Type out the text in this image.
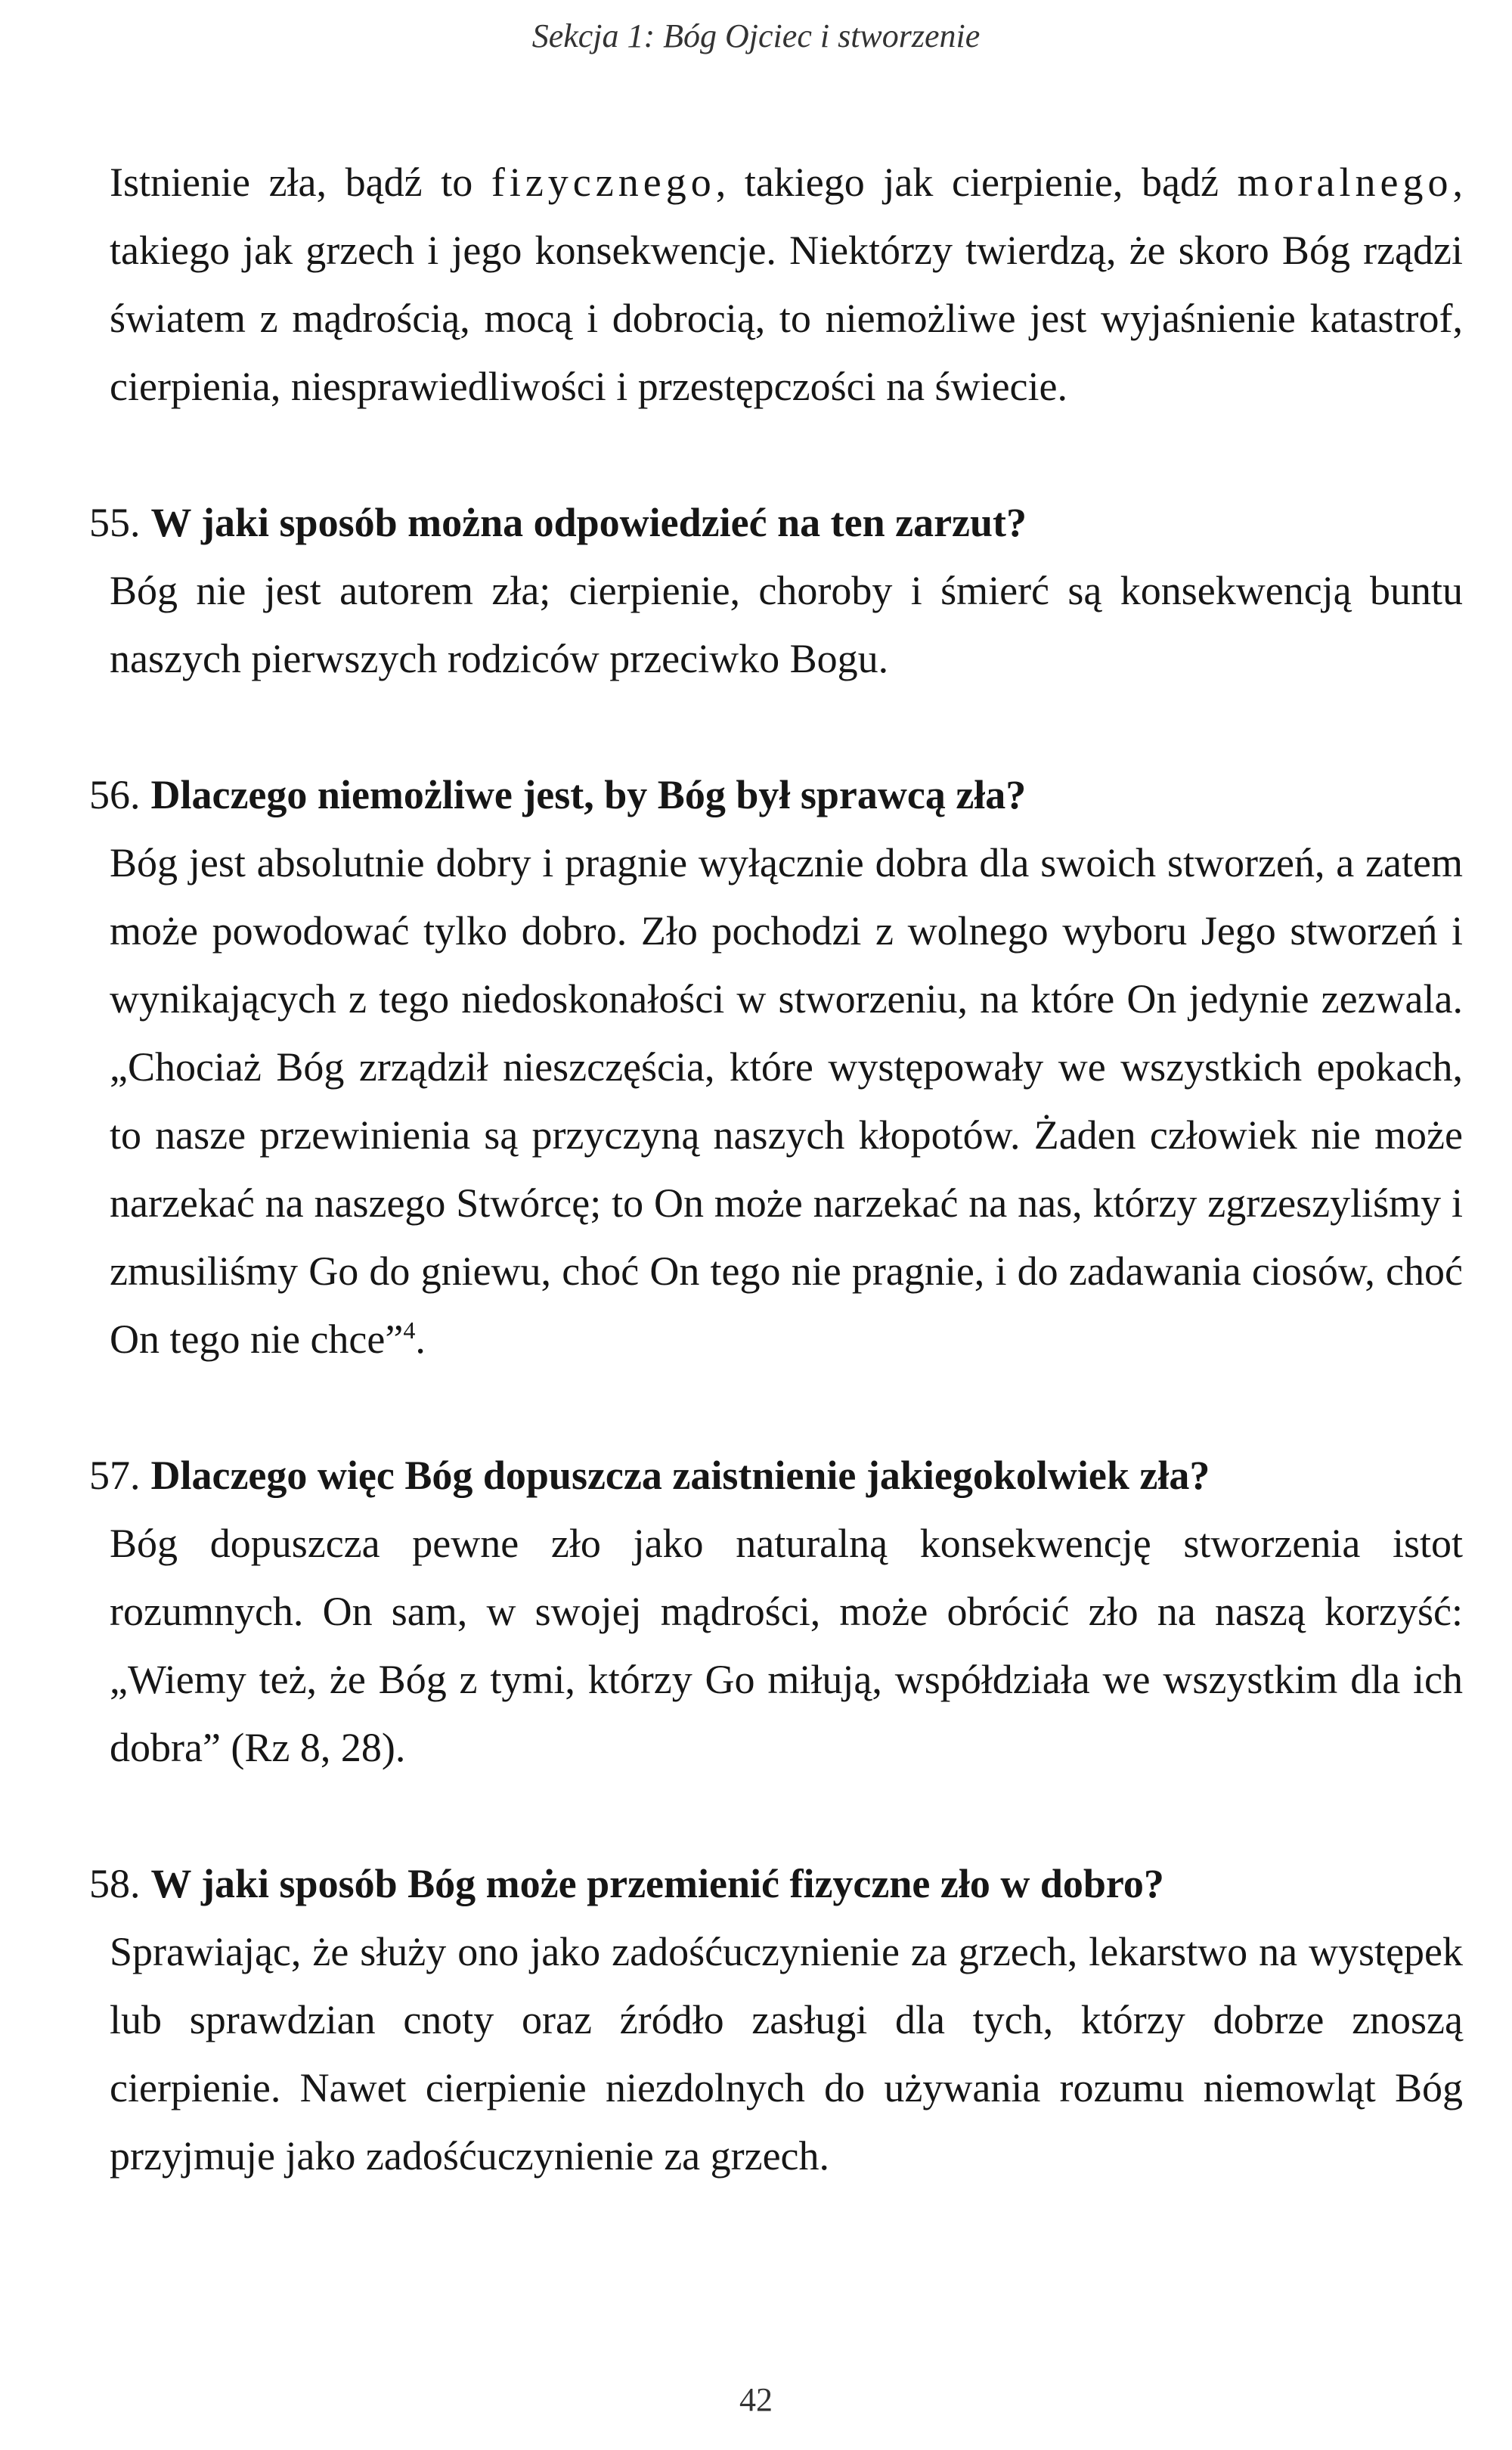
Sekcja 1: Bóg Ojciec i stworzenie

Istnienie zła, bądź to fizycznego, takiego jak cierpienie, bądź moralnego, takiego jak grzech i jego konsekwencje. Niektórzy twierdzą, że skoro Bóg rządzi światem z mądrością, mocą i dobrocią, to niemożliwe jest wyjaśnienie katastrof, cierpienia, niesprawiedliwości i przestępczości na świecie.

55. W jaki sposób można odpowiedzieć na ten zarzut?

Bóg nie jest autorem zła; cierpienie, choroby i śmierć są konsekwencją buntu naszych pierwszych rodziców przeciwko Bogu.

56. Dlaczego niemożliwe jest, by Bóg był sprawcą zła?

Bóg jest absolutnie dobry i pragnie wyłącznie dobra dla swoich stworzeń, a zatem może powodować tylko dobro. Zło pochodzi z wolnego wyboru Jego stworzeń i wynikających z tego niedoskonałości w stworzeniu, na które On jedynie zezwala. „Chociaż Bóg zrządził nieszczęścia, które występowały we wszystkich epokach, to nasze przewinienia są przyczyną naszych kłopotów. Żaden człowiek nie może narzekać na naszego Stwórcę; to On może narzekać na nas, którzy zgrzeszyliśmy i zmusiliśmy Go do gniewu, choć On tego nie pragnie, i do zadawania ciosów, choć On tego nie chce”$^4$.

57. Dlaczego więc Bóg dopuszcza zaistnienie jakiegokolwiek zła?

Bóg dopuszcza pewne zło jako naturalną konsekwencję stworzenia istot rozumnych. On sam, w swojej mądrości, może obrócić zło na naszą korzyść: „Wiemy też, że Bóg z tymi, którzy Go miłują, współdziała we wszystkim dla ich dobra” (Rz 8, 28).

58. W jaki sposób Bóg może przemienić fizyczne zło w dobro?

Sprawiając, że służy ono jako zadośćuczynienie za grzech, lekarstwo na występek lub sprawdzian cnoty oraz źródło zasługi dla tych, którzy dobrze znoszą cierpienie. Nawet cierpienie niezdolnych do używania rozumu niemowląt Bóg przyjmuje jako zadośćuczynienie za grzech.

42
